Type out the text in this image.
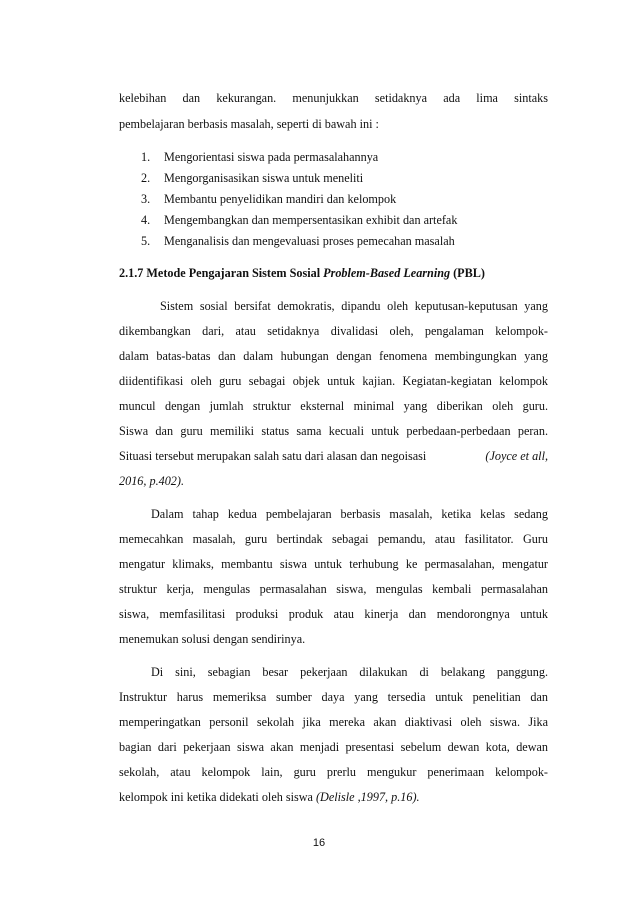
kelebihan dan kekurangan. menunjukkan setidaknya ada lima sintaks
pembelajaran berbasis masalah, seperti di bawah ini :
1. Mengorientasi siswa pada permasalahannya
2. Mengorganisasikan siswa untuk meneliti
3. Membantu penyelidikan mandiri dan kelompok
4. Mengembangkan dan mempersentasikan exhibit dan artefak
5. Menganalisis dan mengevaluasi proses pemecahan masalah
2.1.7 Metode Pengajaran Sistem Sosial Problem-Based Learning (PBL)
Sistem sosial bersifat demokratis, dipandu oleh keputusan-keputusan yang
dikembangkan dari, atau setidaknya divalidasi oleh, pengalaman kelompok-
dalam batas-batas dan dalam hubungan dengan fenomena membingungkan yang
diidentifikasi oleh guru sebagai objek untuk kajian. Kegiatan-kegiatan kelompok
muncul dengan jumlah struktur eksternal minimal yang diberikan oleh guru.
Siswa dan guru memiliki status sama kecuali untuk perbedaan-perbedaan peran.
Situasi tersebut merupakan salah satu dari alasan dan negoisasi	(Joyce et all,
2016, p.402).
Dalam tahap kedua pembelajaran berbasis masalah, ketika kelas sedang
memecahkan masalah, guru bertindak sebagai pemandu, atau fasilitator. Guru
mengatur klimaks, membantu siswa untuk terhubung ke permasalahan, mengatur
struktur kerja, mengulas permasalahan siswa, mengulas kembali permasalahan
siswa, memfasilitasi produksi produk atau kinerja dan mendorongnya untuk
menemukan solusi dengan sendirinya.
Di sini, sebagian besar pekerjaan dilakukan di belakang panggung.
Instruktur harus memeriksa sumber daya yang tersedia untuk penelitian dan
memperingatkan personil sekolah jika mereka akan diaktivasi oleh siswa. Jika
bagian dari pekerjaan siswa akan menjadi presentasi sebelum dewan kota, dewan
sekolah, atau kelompok lain, guru prerlu mengukur penerimaan kelompok-
kelompok ini ketika didekati oleh siswa (Delisle ,1997, p.16).
16
